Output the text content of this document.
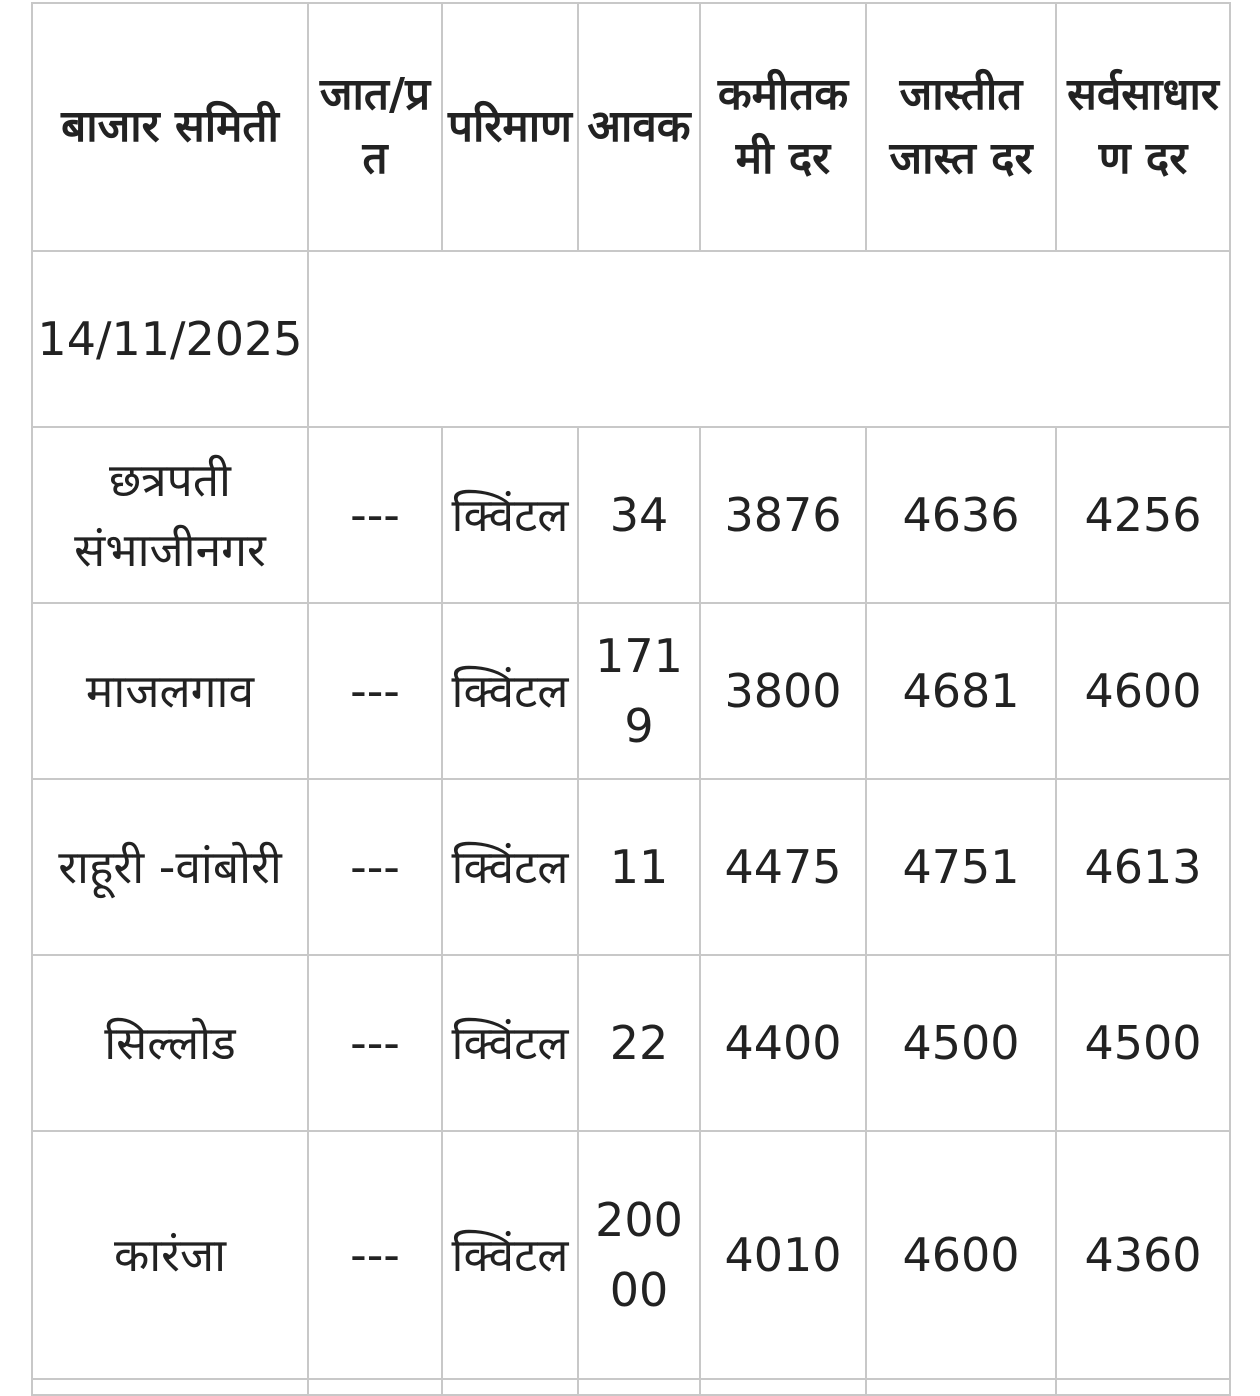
बाजार समिती	जात/प्रत	परिमाण	आवक	कमीतकमी दर	जास्तीतजास्त दर	सर्वसाधारण दर
14/11/2025						
छत्रपती संभाजीनगर	---	क्विंटल	34	3876	4636	4256
माजलगाव	---	क्विंटल	1719	3800	4681	4600
राहूरी -वांबोरी	---	क्विंटल	11	4475	4751	4613
सिल्लोड	---	क्विंटल	22	4400	4500	4500
कारंजा	---	क्विंटल	20000	4010	4600	4360
